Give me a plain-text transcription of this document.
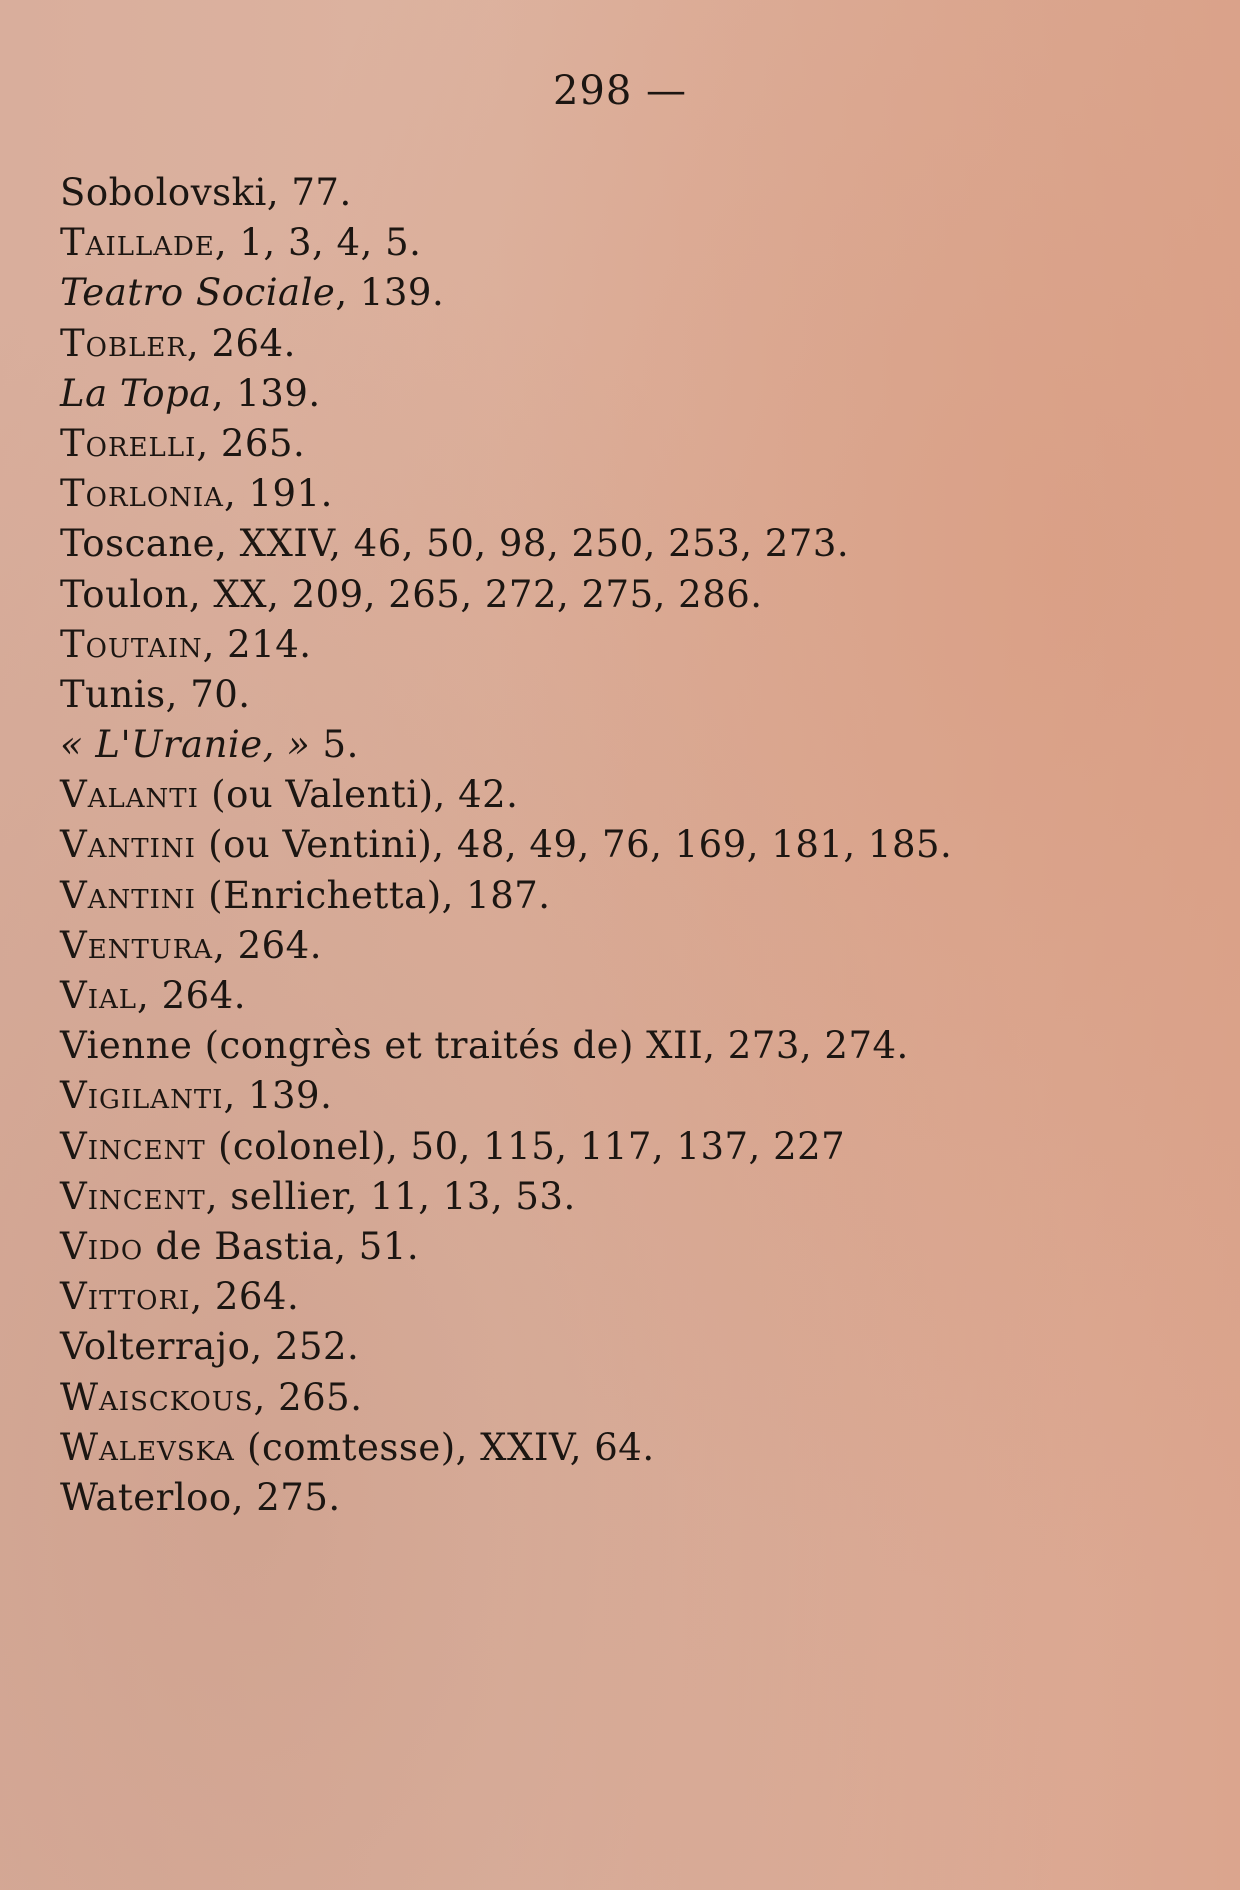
298 —
Sobolovski, 77.
Taillade, 1, 3, 4, 5.
Teatro Sociale, 139.
Tobler, 264.
La Topa, 139.
Torelli, 265.
Torlonia, 191.
Toscane, XXIV, 46, 50, 98, 250, 253, 273.
Toulon, XX, 209, 265, 272, 275, 286.
Toutain, 214.
Tunis, 70.
« L'Uranie, » 5.
Valanti (ou Valenti), 42.
Vantini (ou Ventini), 48, 49, 76, 169, 181, 185.
Vantini (Enrichetta), 187.
Ventura, 264.
Vial, 264.
Vienne (congrès et traités de) XII, 273, 274.
Vigilanti, 139.
Vincent (colonel), 50, 115, 117, 137, 227
Vincent, sellier, 11, 13, 53.
Vido de Bastia, 51.
Vittori, 264.
Volterrajo, 252.
Waisckous, 265.
Walevska (comtesse), XXIV, 64.
Waterloo, 275.
